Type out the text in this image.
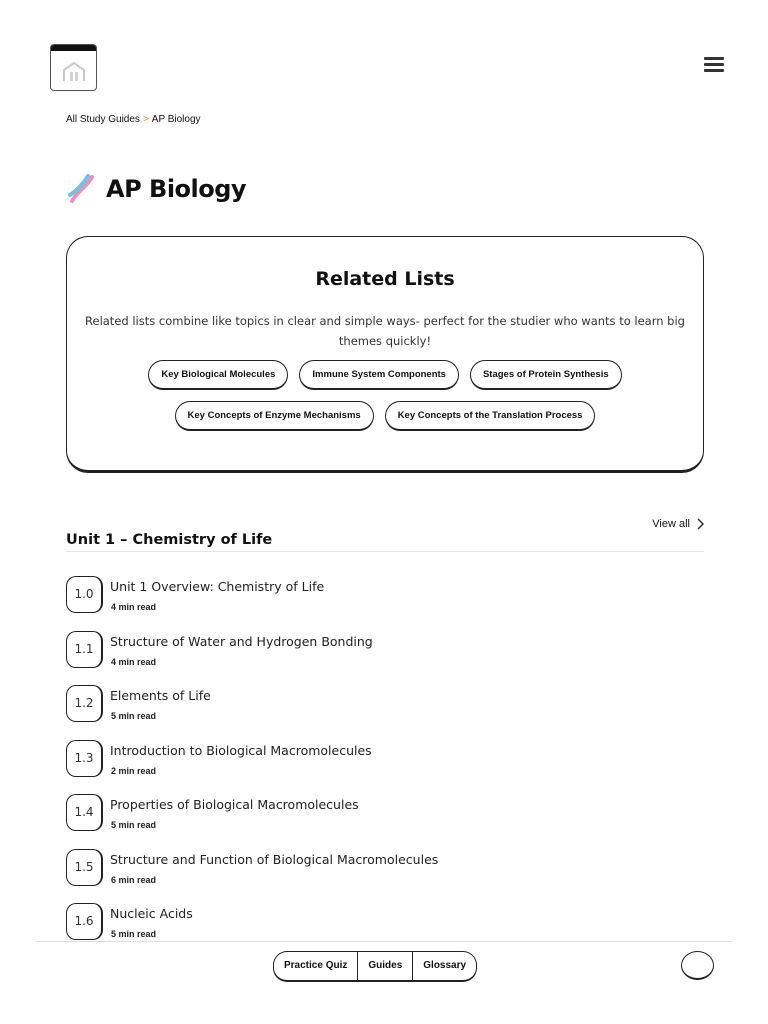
All Study Guides > AP Biology
AP Biology
Related Lists

Related lists combine like topics in clear and simple ways- perfect for the studier who wants to learn big themes quickly!

Key Biological Molecules	Immune System Components	Stages of Protein Synthesis
Key Concepts of Enzyme Mechanisms	Key Concepts of the Translation Process
Unit 1 – Chemistry of Life
View all
1.0	Unit 1 Overview: Chemistry of Life
4 min read
1.1	Structure of Water and Hydrogen Bonding
4 min read
1.2	Elements of Life
5 min read
1.3	Introduction to Biological Macromolecules
2 min read
1.4	Properties of Biological Macromolecules
5 min read
1.5	Structure and Function of Biological Macromolecules
6 min read
1.6	Nucleic Acids
5 min read
Practice Quiz	Guides	Glossary
